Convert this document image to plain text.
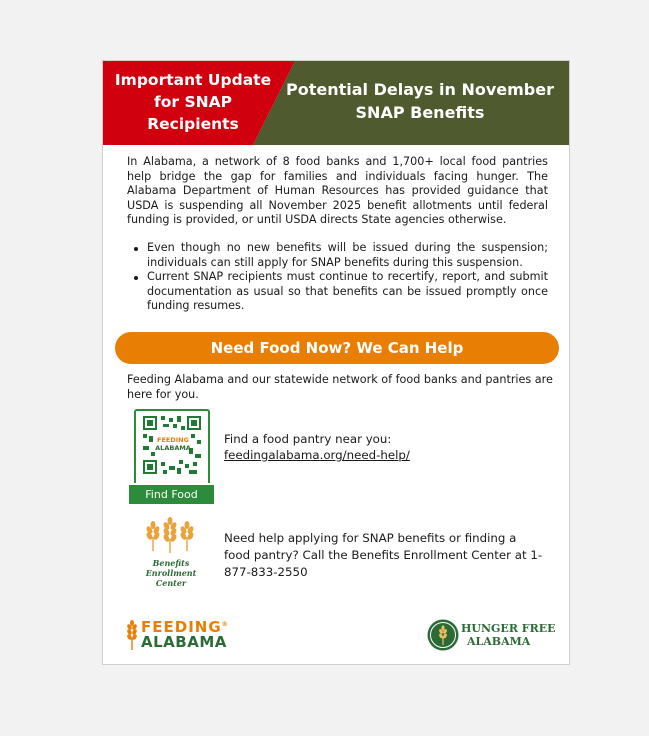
Important Update for SNAP Recipients
Potential Delays in November SNAP Benefits

In Alabama, a network of 8 food banks and 1,700+ local food pantries help bridge the gap for families and individuals facing hunger. The Alabama Department of Human Resources has provided guidance that USDA is suspending all November 2025 benefit allotments until federal funding is provided, or until USDA directs State agencies otherwise.

Even though no new benefits will be issued during the suspension; individuals can still apply for SNAP benefits during this suspension.
Current SNAP recipients must continue to recertify, report, and submit documentation as usual so that benefits can be issued promptly once funding resumes.
Need Food Now? We Can Help

Feeding Alabama and our statewide network of food banks and pantries are here for you.

FEEDING
ALABAMA
Find Food
Find a food pantry near you:
feedingalabama.org/need-help/
Benefits Enrollment Center
Need help applying for SNAP benefits or finding a food pantry? Call the Benefits Enrollment Center at 1-877-833-2550
FEEDING®
ALABAMA
HUNGER FREE
ALABAMA
